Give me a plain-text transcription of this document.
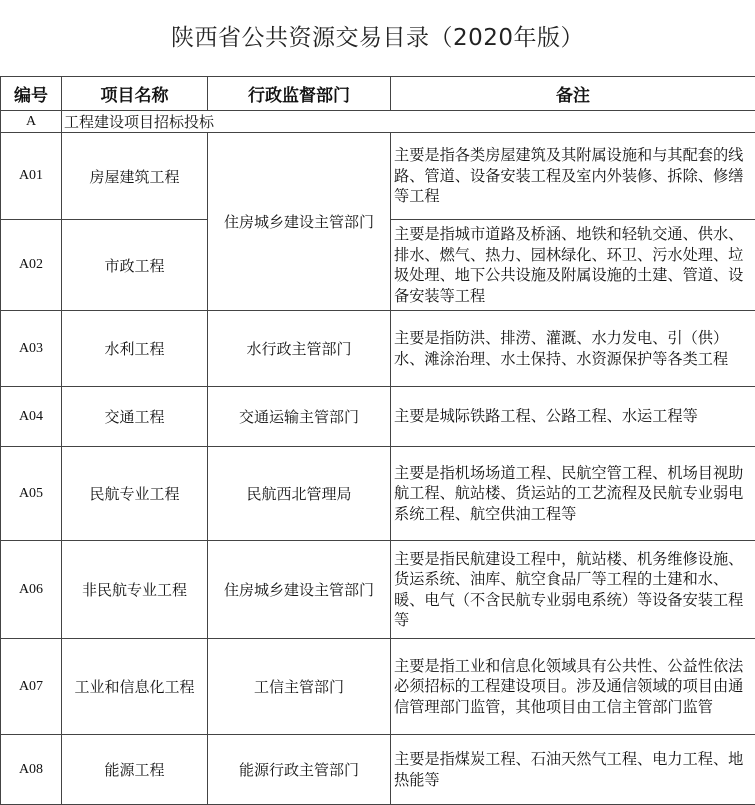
陕西省公共资源交易目录（2020年版）
编号	项目名称	行政监督部门	备注
A	工程建设项目招标投标		
A01	房屋建筑工程	住房城乡建设主管部门	主要是指各类房屋建筑及其附属设施和与其配套的线路、管道、设备安装工程及室内外装修、拆除、修缮等工程
A02	市政工程		主要是指城市道路及桥涵、地铁和轻轨交通、供水、排水、燃气、热力、园林绿化、环卫、污水处理、垃圾处理、地下公共设施及附属设施的土建、管道、设备安装等工程
A03	水利工程	水行政主管部门	主要是指防洪、排涝、灌溉、水力发电、引（供）水、滩涂治理、水土保持、水资源保护等各类工程
A04	交通工程	交通运输主管部门	主要是城际铁路工程、公路工程、水运工程等
A05	民航专业工程	民航西北管理局	主要是指机场场道工程、民航空管工程、机场目视助航工程、航站楼、货运站的工艺流程及民航专业弱电系统工程、航空供油工程等
A06	非民航专业工程	住房城乡建设主管部门	主要是指民航建设工程中，航站楼、机务维修设施、货运系统、油库、航空食品厂等工程的土建和水、暖、电气（不含民航专业弱电系统）等设备安装工程等
A07	工业和信息化工程	工信主管部门	主要是指工业和信息化领域具有公共性、公益性依法必须招标的工程建设项目。涉及通信领域的项目由通信管理部门监管，其他项目由工信主管部门监管
A08	能源工程	能源行政主管部门	主要是指煤炭工程、石油天然气工程、电力工程、地热能等
